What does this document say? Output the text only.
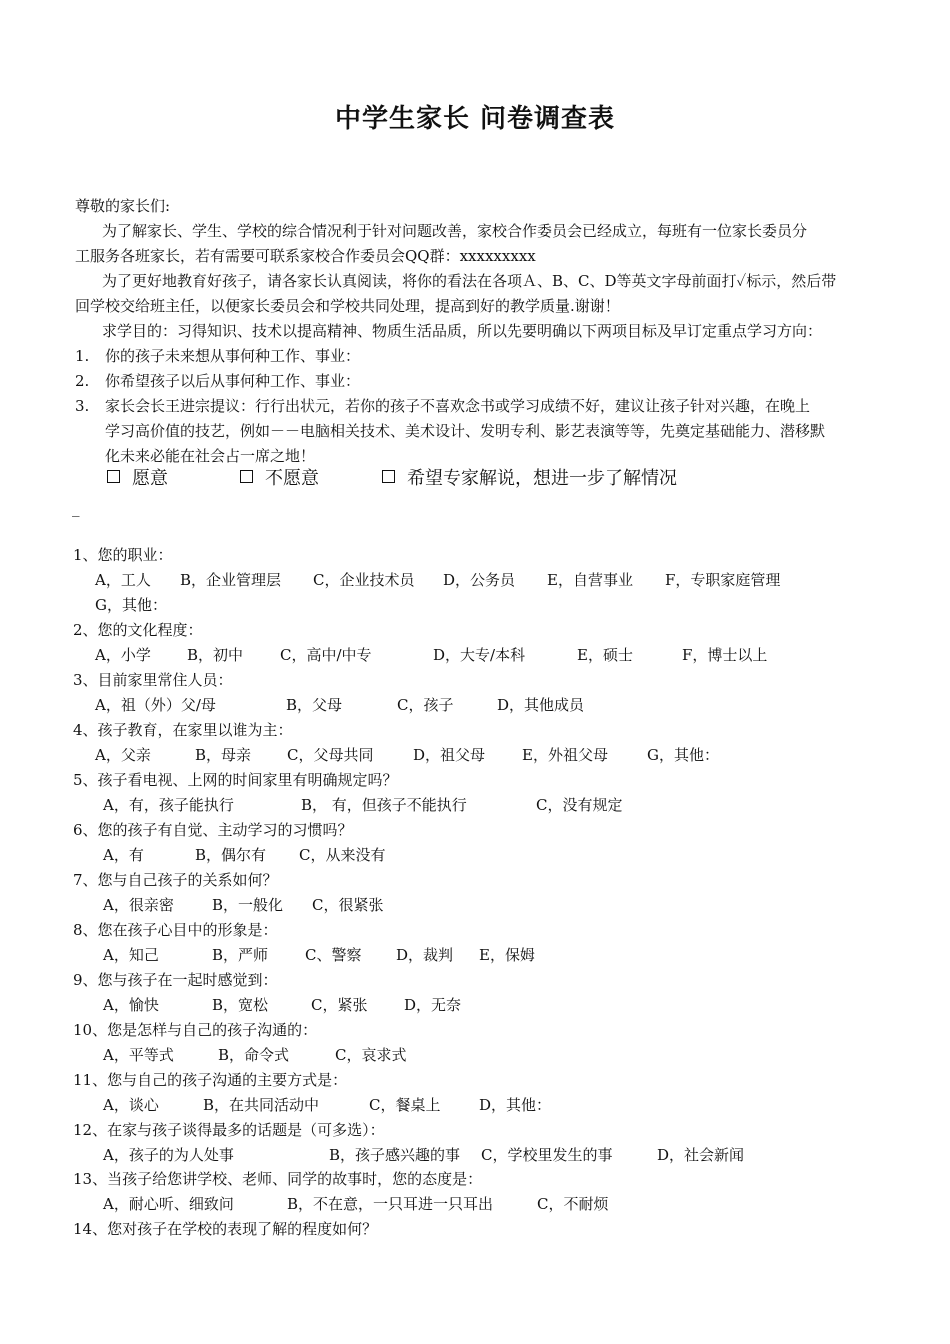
中学生家长 问卷调查表
尊敬的家长们:
为了解家长、学生、学校的综合情况利于针对问题改善，家校合作委员会已经成立，每班有一位家长委员分
工服务各班家长，若有需要可联系家校合作委员会QQ群：xxxxxxxxx
为了更好地教育好孩子，请各家长认真阅读，将你的看法在各项Ａ、B、C、D等英文字母前面打✓标示，然后带
回学校交给班主任，以便家长委员会和学校共同处理，提高到好的教学质量.谢谢！
求学目的：习得知识、技术以提高精神、物质生活品质，所以先要明确以下两项目标及早订定重点学习方向：
1. 你的孩子未来想从事何种工作、事业：
2. 你希望孩子以后从事何种工作、事业：
3. 家长会长王进宗提议：行行出状元，若你的孩子不喜欢念书或学习成绩不好，建议让孩子针对兴趣，在晚上
学习高价值的技艺，例如－－电脑相关技术、美术设计、发明专利、影艺表演等等，先奠定基础能力、潜移默
化未来必能在社会占一席之地！
愿意	不愿意	希望专家解说，想进一步了解情况
_
1、您的职业：
A，工人 B，企业管理层 C，企业技术员 D，公务员 E，自营事业 F，专职家庭管理
G，其他：
2、您的文化程度：
A，小学 B，初中 C，高中/中专	D，大专/本科	E，硕士	F，博士以上
3、目前家里常住人员：
A，祖（外）父/母	B，父母	C，孩子	D，其他成员
4、孩子教育，在家里以谁为主：
A，父亲	B，母亲 C，父母共同	D，祖父母 E，外祖父母	G，其他：
5、孩子看电视、上网的时间家里有明确规定吗？
A，有，孩子能执行	B， 有，但孩子不能执行	C，没有规定
6、您的孩子有自觉、主动学习的习惯吗？
A，有	B，偶尔有 C，从来没有
7、您与自己孩子的关系如何？
A，很亲密	B，一般化 C，很紧张
8、您在孩子心目中的形象是：
A，知己	B，严师 C、警察 D，裁判 E，保姆
9、您与孩子在一起时感觉到：
A，愉快	B，宽松	C，紧张 D，无奈
10、您是怎样与自己的孩子沟通的：
A，平等式	B，命令式	C，哀求式
11、您与自己的孩子沟通的主要方式是：
A，谈心	B，在共同活动中	C，餐桌上	D，其他：
12、在家与孩子谈得最多的话题是（可多选）：
A，孩子的为人处事	B，孩子感兴趣的事 C，学校里发生的事	D，社会新闻
13、当孩子给您讲学校、老师、同学的故事时，您的态度是：
A，耐心听、细致问	B，不在意，一只耳进一只耳出	C，不耐烦
14、您对孩子在学校的表现了解的程度如何？
